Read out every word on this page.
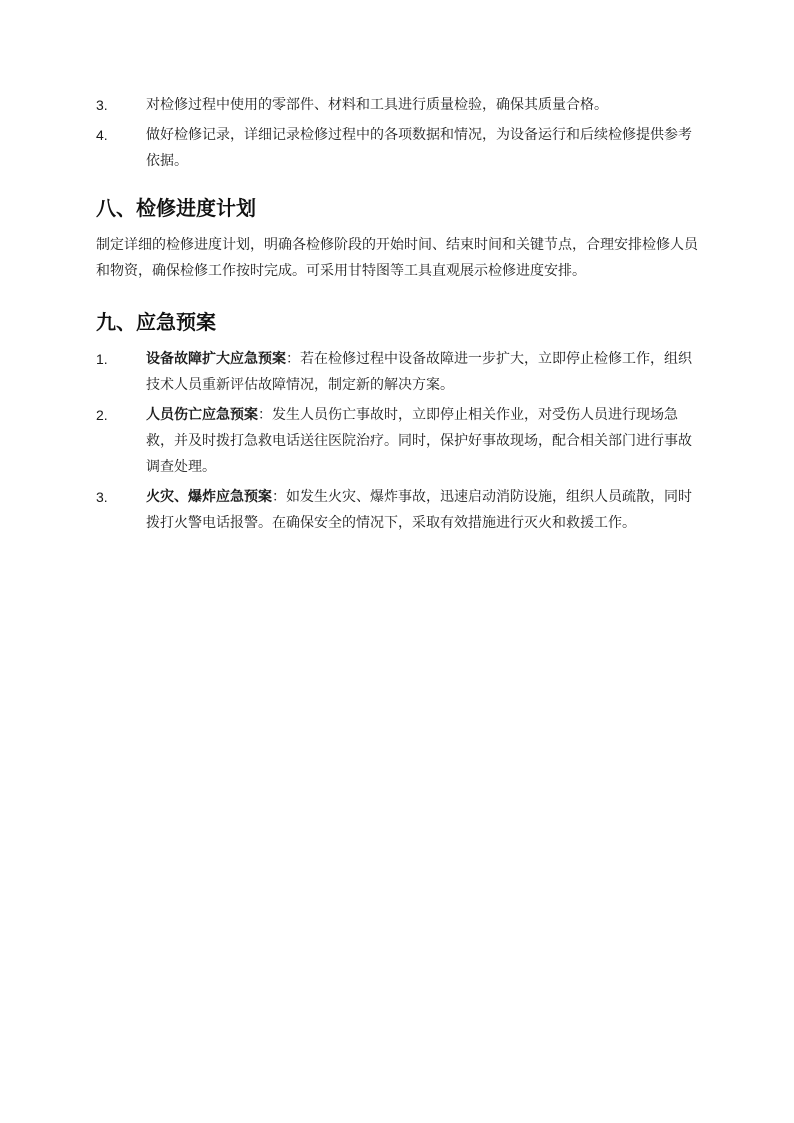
3.	对检修过程中使用的零部件、材料和工具进行质量检验，确保其质量合格。
4.	做好检修记录，详细记录检修过程中的各项数据和情况，为设备运行和后续检修提供参考依据。
八、检修进度计划

制定详细的检修进度计划，明确各检修阶段的开始时间、结束时间和关键节点，合理安排检修人员和物资，确保检修工作按时完成。可采用甘特图等工具直观展示检修进度安排。

九、应急预案
1.	设备故障扩大应急预案：若在检修过程中设备故障进一步扩大，立即停止检修工作，组织技术人员重新评估故障情况，制定新的解决方案。
2.	人员伤亡应急预案：发生人员伤亡事故时，立即停止相关作业，对受伤人员进行现场急救，并及时拨打急救电话送往医院治疗。同时，保护好事故现场，配合相关部门进行事故调查处理。
3.	火灾、爆炸应急预案：如发生火灾、爆炸事故，迅速启动消防设施，组织人员疏散，同时拨打火警电话报警。在确保安全的情况下，采取有效措施进行灭火和救援工作。
